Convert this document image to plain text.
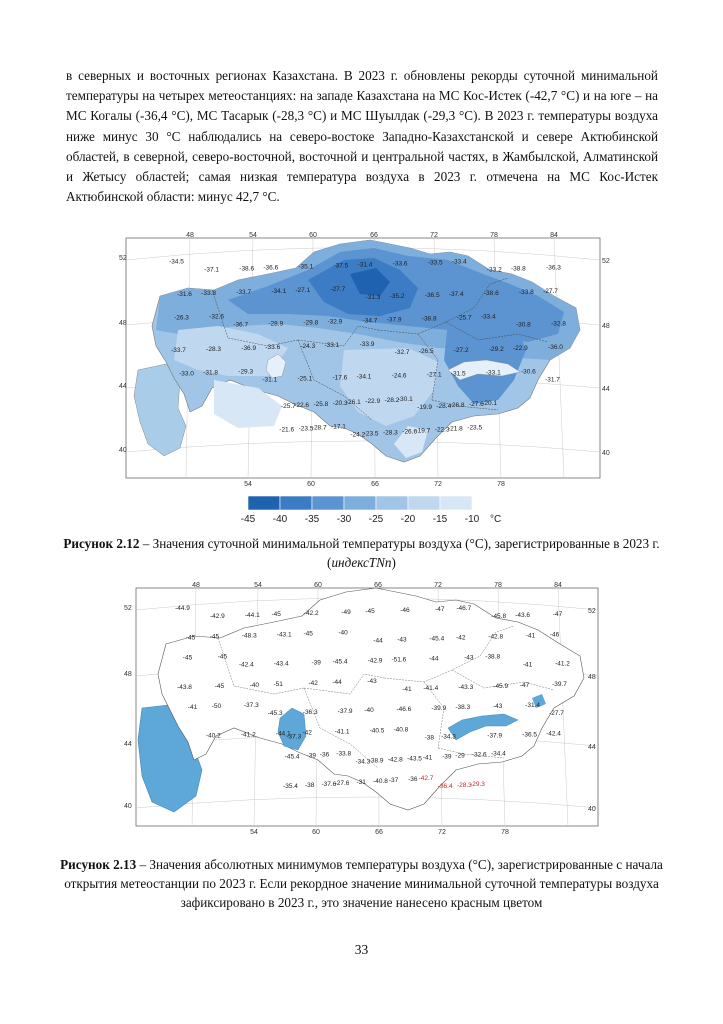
в северных и восточных регионах Казахстана. В 2023 г. обновлены рекорды суточной минимальной температуры на четырех метеостанциях: на западе Казахстана на МС Кос-Истек (-42,7 °С) и на юге – на МС Когалы (-36,4 °С), МС Тасарык (-28,3 °С) и МС Шуылдак (-29,3 °С). В 2023 г. температуры воздуха ниже минус 30 °С наблюдались на северо-востоке Западно-Казахстанской и севере Актюбинской областей, в северной, северо-восточной, восточной и центральной частях, в Жамбылской, Алматинской и Жетысу областей; самая низкая температура воздуха в 2023 г. отмечена на МС Кос-Истек Актюбинской области: минус 42,7 °С.

48	54	60	66	72	78	84
54	60	66	72	78
52
48
44
40
52
48
44
40
-34.5
-37.1	-38.6 -36.6	-35.1	-37.5 -31.4	-33.6	-33.5 -33.4
-33.2 -38.8	-36.3
-31.6 -33.8	-33.7	-34.1 -27.1	-27.7
-31.3 -35.2	-36.5 -37.4	-38.6	-33.8 -27.7
-26.3	-32.6
-36.7	-28.9	-29.8 -32.9	-34.7 -37.9	-38.8	-25.7 -33.4
-30.8	-32.8
-33.7	-28.3	-36.9 -33.6	-24.3 -33.1	-33.9
-32.7 -26.5	-27.2	-29.2 -22.9	-36.0
-33.0 -31.8	-29.3
-31.1	-25.1	-17.6 -34.1	-24.6	-27.1 -31.5	-33.1	-30.6
-31.7
-25.7
-22.6 -25.8 -20.3
-26.1 -22.9 -28.2
-30.1
-19.9 -28.4
-26.8 -27.6
-20.1
-21.6 -23.5
-28.7 -17.1
-24.2
-23.5 -28.3 -26.6
-19.7 -22.3
-21.8 -23.5
-45 -40 -35 -30 -25 -20 -15 -10 °С
Рисунок 2.12 – Значения суточной минимальной температуры воздуха (°С), зарегистрированные в 2023 г. (индексTNn)
48	54	60	66	72	78	84
54	60	66	72	78
52
48
44
40
52
48
44
40
-44.9
-42.9	-44.1 -45	-42.2	-49 -45	-46	-47 -46.7
-45.8 -43.6	-47
-45 -45	-48.3	-43.1 -45	-40
-44 -43	-45.4 -42	-42.8	-41 -46
-45	-45
-42.4	-43.4	-39 -45.4	-42.9 -51.6	-44	-43 -38.8
-41	-41.2
-43.8	-45	-40 -51	-42 -44	-43
-41 -41.4	-43.3	-45.9 -47	-39.7
-41 -50	-37.3
-45.3	-36.3	-37.9 -40	-46.6	-39.9 -38.3	-43	-31.4
-27.7
-37.3
-40.2	-41.2	-44.1 -42	-41.1	-40.5 -40.8
-38 -34.3	-37.9	-36.5 -42.4
-45.4 -39 -36 -33.8
-34.3
-38.9 -42.8 -43.5 -41 -39 -29 -32.6 -34.4
-35.4 -38 -37.6
-27.6 -31 -40.8 -37 -36 -42.7
-36.4 -28.3
-29.3
Рисунок 2.13 – Значения абсолютных минимумов температуры воздуха (°С), зарегистрированные с начала открытия метеостанции по 2023 г. Если рекордное значение минимальной суточной температуры воздуха зафиксировано в 2023 г., это значение нанесено красным цветом
33
